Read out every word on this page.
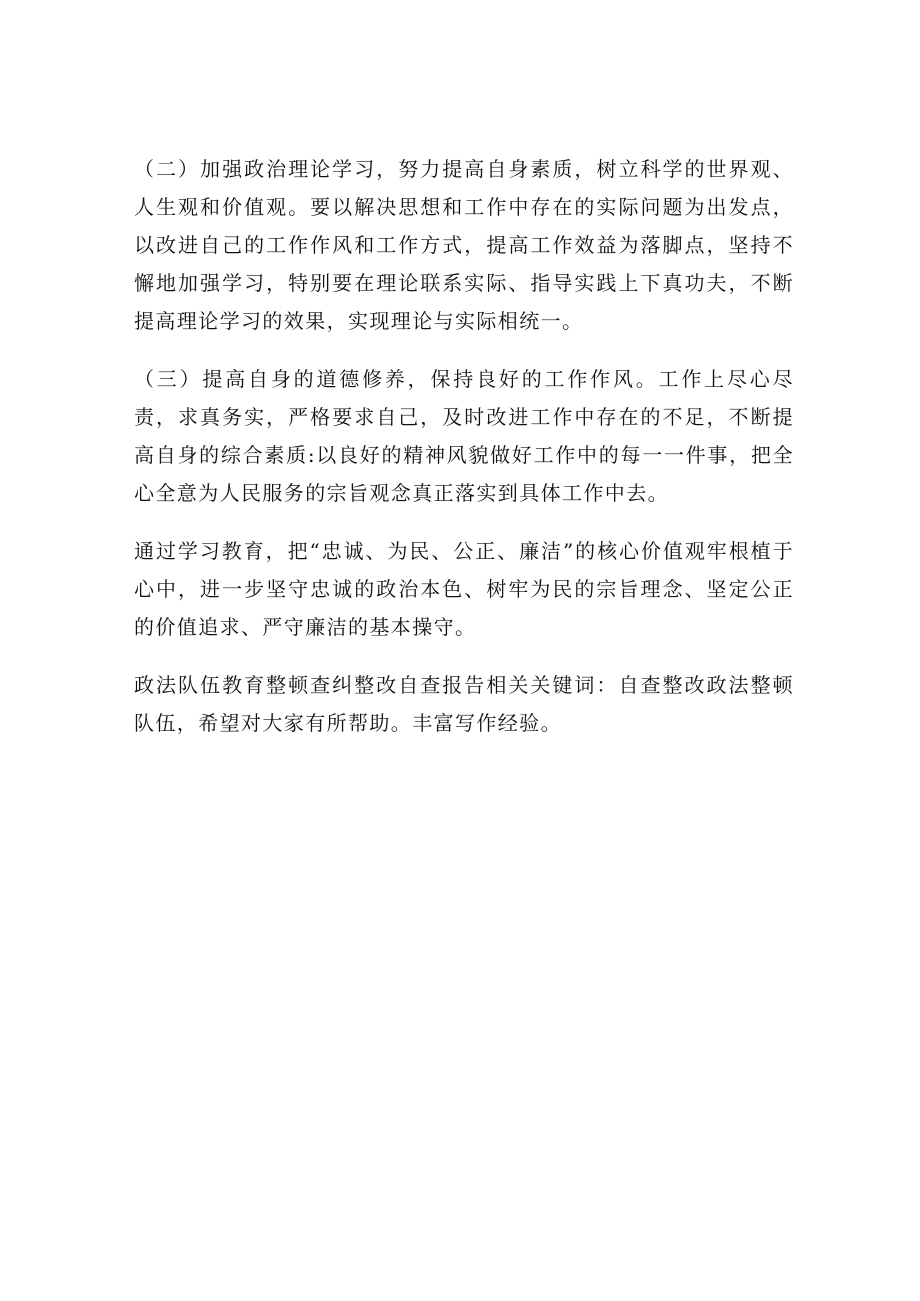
（二）加强政治理论学习，努力提高自身素质，树立科学的世界观、人生观和价值观。要以解决思想和工作中存在的实际问题为出发点，以改进自己的工作作风和工作方式，提高工作效益为落脚点，坚持不懈地加强学习，特别要在理论联系实际、指导实践上下真功夫，不断提高理论学习的效果，实现理论与实际相统一。

（三）提高自身的道德修养，保持良好的工作作风。工作上尽心尽责，求真务实，严格要求自己，及时改进工作中存在的不足，不断提高自身的综合素质:以良好的精神风貌做好工作中的每一一件事，把全心全意为人民服务的宗旨观念真正落实到具体工作中去。

通过学习教育，把“忠诚、为民、公正、廉洁”的核心价值观牢根植于心中，进一步坚守忠诚的政治本色、树牢为民的宗旨理念、坚定公正的价值追求、严守廉洁的基本操守。

政法队伍教育整顿查纠整改自查报告相关关键词：自查整改政法整顿队伍，希望对大家有所帮助。丰富写作经验。
